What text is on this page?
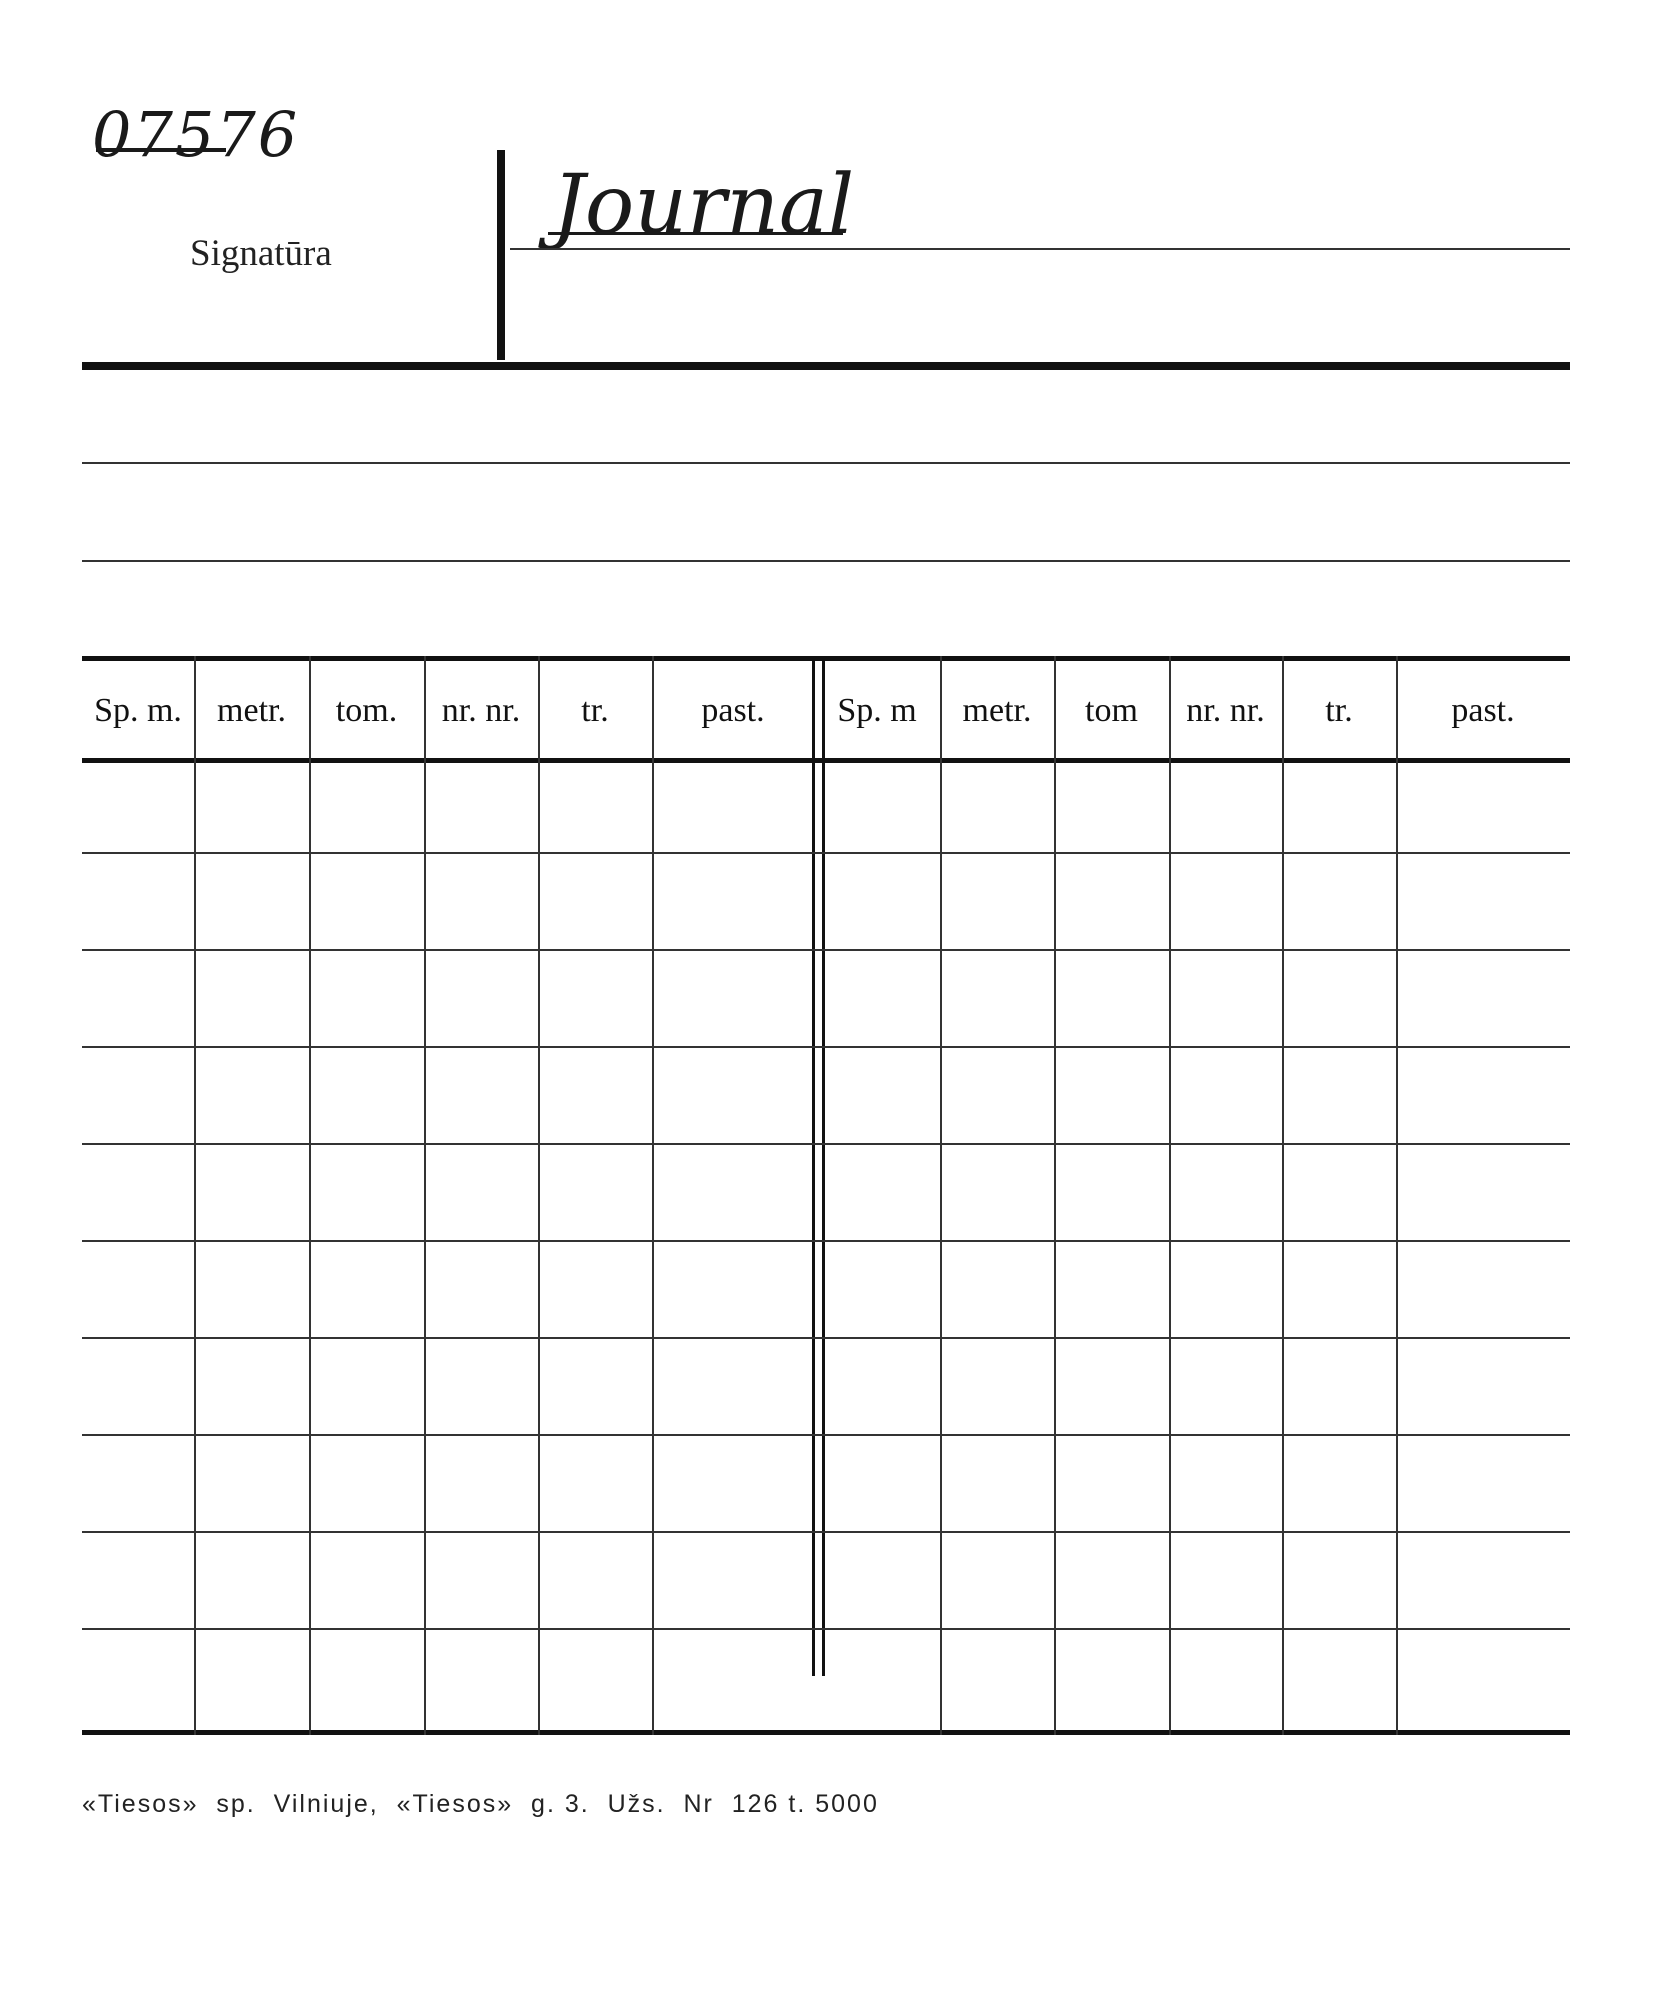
07576
Signatūra
Journal
Sp. m.	metr.	tom.	nr. nr.	tr.	past.	Sp. m	metr.	tom	nr. nr.	tr.	past.
«Tiesos»  sp.  Vilniuje,  «Tiesos»  g. 3.  Užs.  Nr  126 t. 5000
